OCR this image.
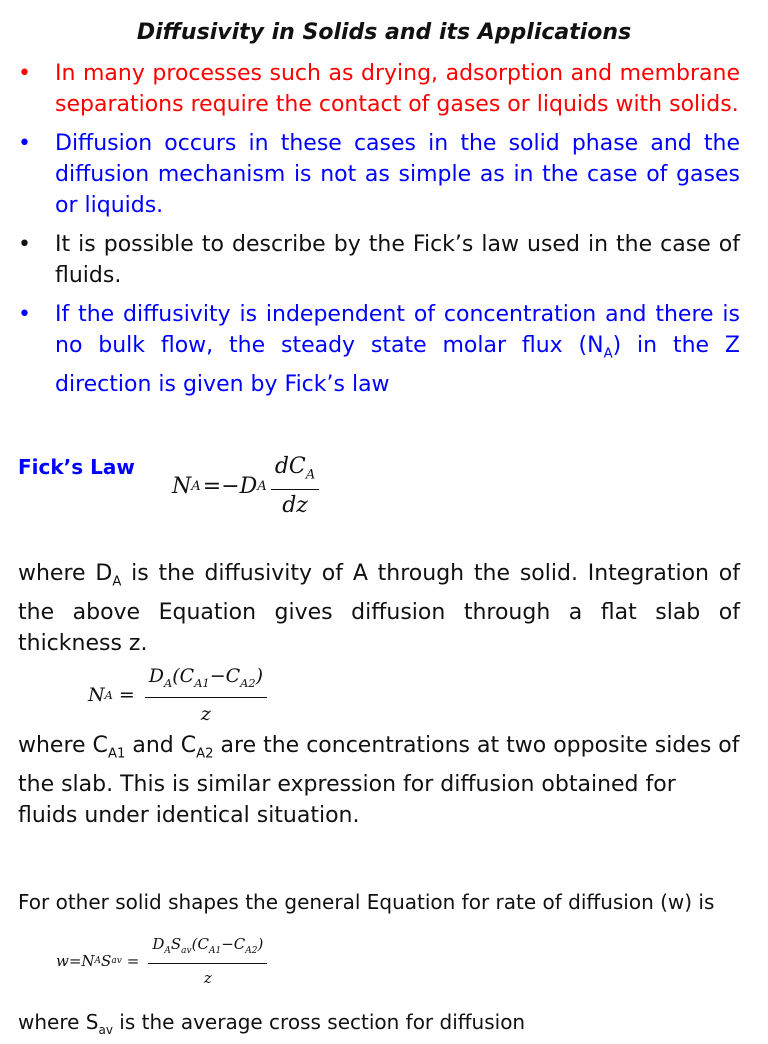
Diffusivity in Solids and its Applications
• In many processes such as drying, adsorption and membrane separations require the contact of gases or liquids with solids.
• Diffusion occurs in these cases in the solid phase and the diffusion mechanism is not as simple as in the case of gases or liquids.
• It is possible to describe by the Fick’s law used in the case of fluids.
• If the diffusivity is independent of concentration and there is no bulk flow, the steady state molar flux $(N_A)$ in the Z direction is given by Fick’s law
Fick’s Law
N A =−D A $\frac{dC_A}{dz}$

where $D_A$ is the diffusivity of A through the solid. Integration of the above Equation gives diffusion through a flat slab of thickness z.

N $A = \frac{D_A(C_{A1}-C_{A2})}{z}$

where $C_{A1}$ and $C_{A2}$ are the concentrations at two opposite sides of the slab. This is similar expression for diffusion obtained for fluids under identical situation.

For other solid shapes the general Equation for rate of diffusion (w) is

w =N A S av = $\frac{D_AS_{av}(C_{A1}-C_{A2})}{z}$

where $S_{av}$ is the average cross section for diffusion
